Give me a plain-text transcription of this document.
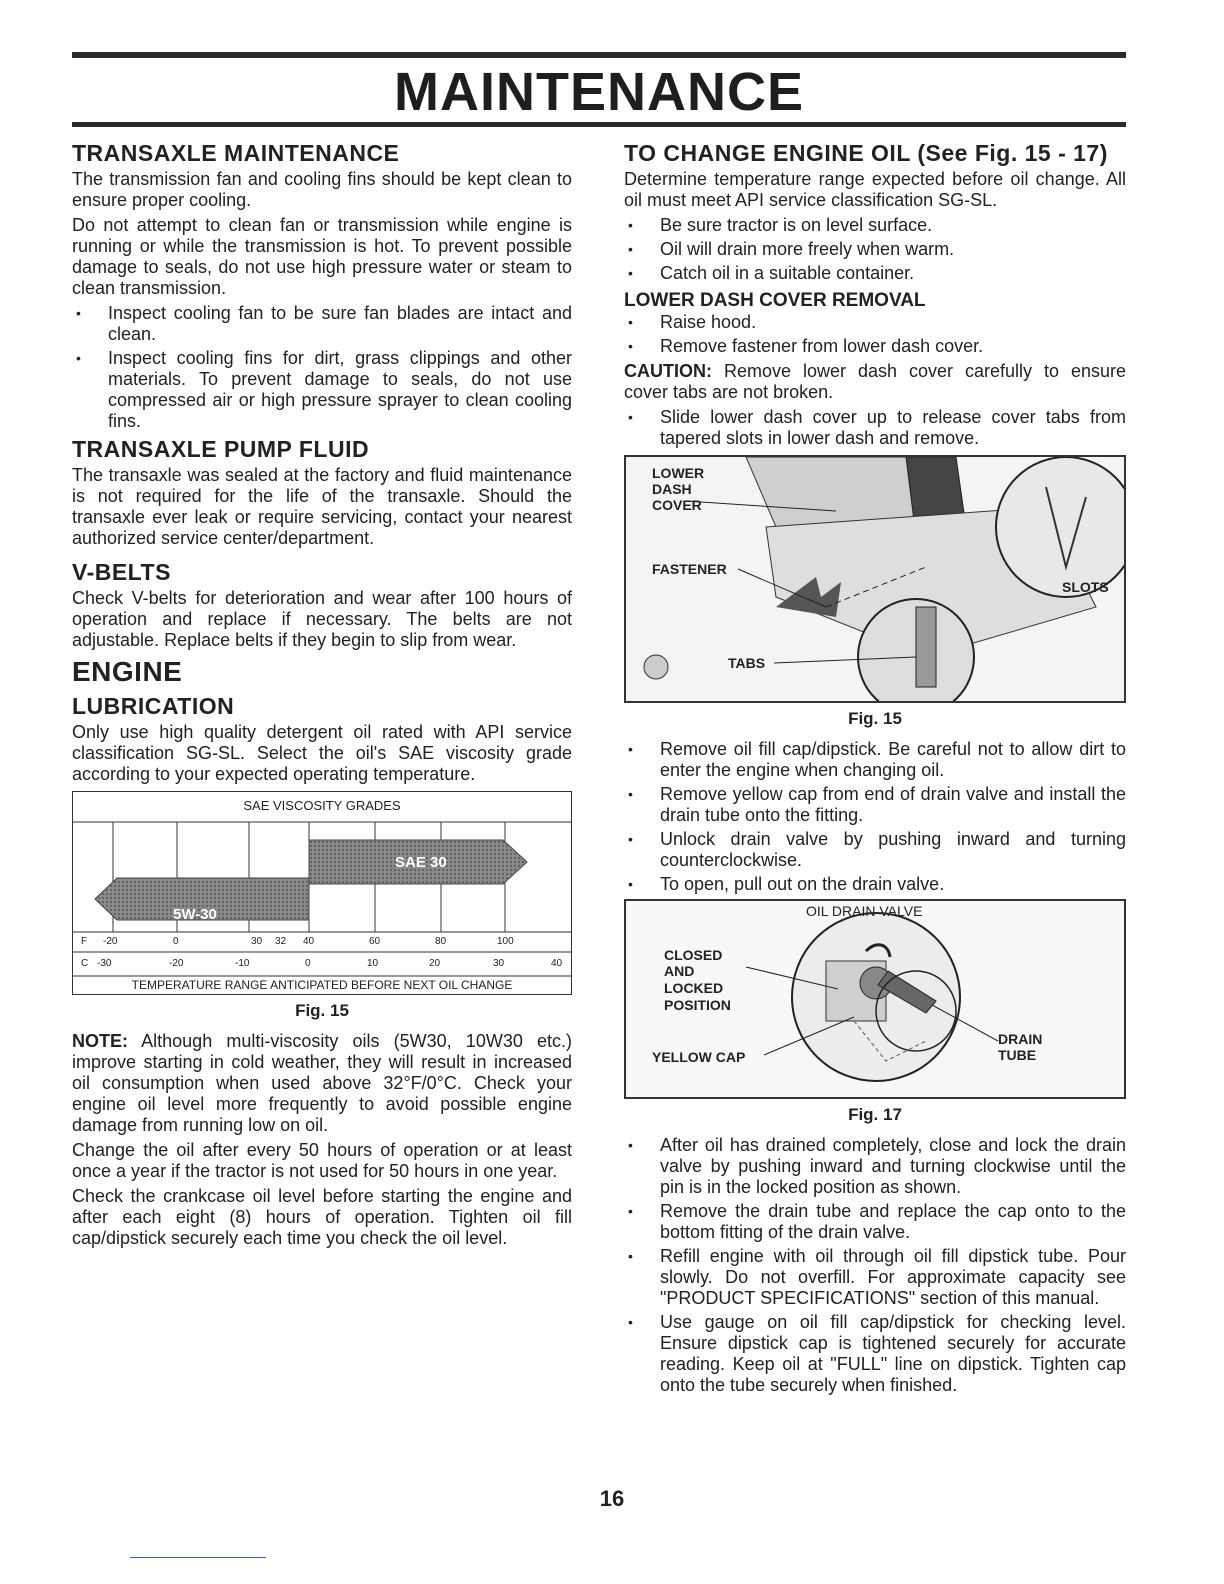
MAINTENANCE
TRANSAXLE MAINTENANCE

The transmission fan and cooling fins should be kept clean to ensure proper cooling.

Do not attempt to clean fan or transmission while engine is running or while the transmission is hot. To prevent possible damage to seals, do not use high pressure water or steam to clean transmission.

• Inspect cooling fan to be sure fan blades are intact and clean.
• Inspect cooling fins for dirt, grass clippings and other materials. To prevent damage to seals, do not use compressed air or high pressure sprayer to clean cooling fins.
TRANSAXLE PUMP FLUID

The transaxle was sealed at the factory and fluid maintenance is not required for the life of the transaxle. Should the transaxle ever leak or require servicing, contact your nearest authorized service center/department.

V-BELTS

Check V-belts for deterioration and wear after 100 hours of operation and replace if necessary. The belts are not adjustable. Replace belts if they begin to slip from wear.

ENGINE
LUBRICATION

Only use high quality detergent oil rated with API service classification SG-SL. Select the oil's SAE viscosity grade according to your expected operating temperature.

SAE VISCOSITY GRADES
5W-30
SAE 30
F -20	0	30 32 40	60	80	100
C -30	-20	-10	0	10	20	30	40
TEMPERATURE RANGE ANTICIPATED BEFORE NEXT OIL CHANGE
Fig. 15

NOTE: Although multi-viscosity oils (5W30, 10W30 etc.) improve starting in cold weather, they will result in increased oil consumption when used above 32°F/0°C. Check your engine oil level more frequently to avoid possible engine damage from running low on oil.

Change the oil after every 50 hours of operation or at least once a year if the tractor is not used for 50 hours in one year.

Check the crankcase oil level before starting the engine and after each eight (8) hours of operation. Tighten oil fill cap/dipstick securely each time you check the oil level.

TO CHANGE ENGINE OIL (See Fig. 15 - 17)

Determine temperature range expected before oil change. All oil must meet API service classification SG-SL.

• Be sure tractor is on level surface.
• Oil will drain more freely when warm.
• Catch oil in a suitable container.
LOWER DASH COVER REMOVAL
• Raise hood.
• Remove fastener from lower dash cover.

CAUTION: Remove lower dash cover carefully to ensure cover tabs are not broken.

• Slide lower dash cover up to release cover tabs from tapered slots in lower dash and remove.
LOWER
DASH
COVER
FASTENER
SLOTS
TABS
Fig. 15
• Remove oil fill cap/dipstick. Be careful not to allow dirt to enter the engine when changing oil.
• Remove yellow cap from end of drain valve and install the drain tube onto the fitting.
• Unlock drain valve by pushing inward and turning counterclockwise.
• To open, pull out on the drain valve.
OIL DRAIN VALVE
CLOSED
AND
LOCKED
POSITION
YELLOW CAP
DRAIN
TUBE
Fig. 17
• After oil has drained completely, close and lock the drain valve by pushing inward and turning clockwise until the pin is in the locked position as shown.
• Remove the drain tube and replace the cap onto to the bottom fitting of the drain valve.
• Refill engine with oil through oil fill dipstick tube. Pour slowly. Do not overfill. For approximate capacity see "PRODUCT SPECIFICATIONS" section of this manual.
• Use gauge on oil fill cap/dipstick for checking level. Ensure dipstick cap is tightened securely for accurate reading. Keep oil at "FULL" line on dipstick. Tighten cap onto the tube securely when finished.
16
